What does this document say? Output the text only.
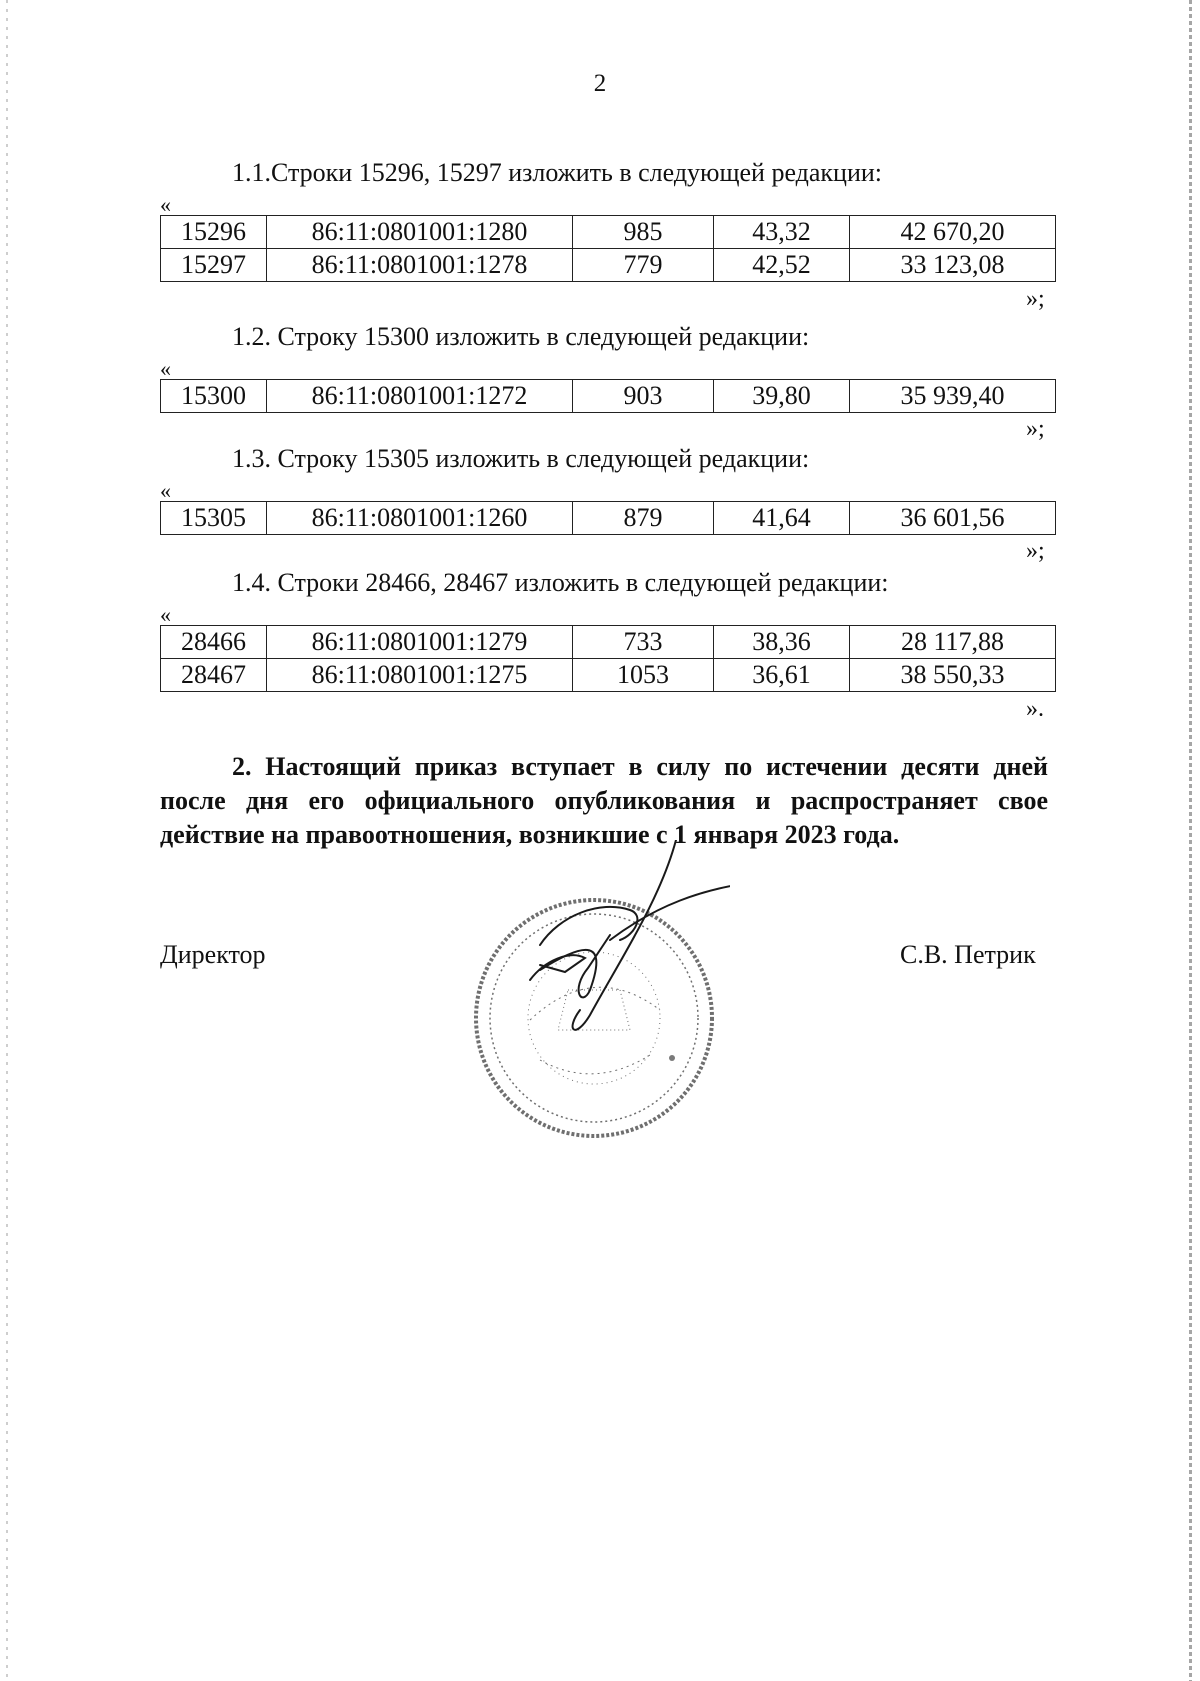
2
1.1.Строки 15296, 15297 изложить в следующей редакции:
«
15296	86:11:0801001:1280	985	43,32	42 670,20
15297	86:11:0801001:1278	779	42,52	33 123,08
»;
1.2. Строку 15300 изложить в следующей редакции:
«
15300	86:11:0801001:1272	903	39,80	35 939,40
»;
1.3. Строку 15305 изложить в следующей редакции:
«
15305	86:11:0801001:1260	879	41,64	36 601,56
»;
1.4. Строки 28466, 28467 изложить в следующей редакции:
«
28466	86:11:0801001:1279	733	38,36	28 117,88
28467	86:11:0801001:1275	1053	36,61	38 550,33
».
2. Настоящий приказ вступает в силу по истечении десяти дней после дня его официального опубликования и распространяет свое действие на правоотношения, возникшие с 1 января 2023 года.
Директор	С.В. Петрик
